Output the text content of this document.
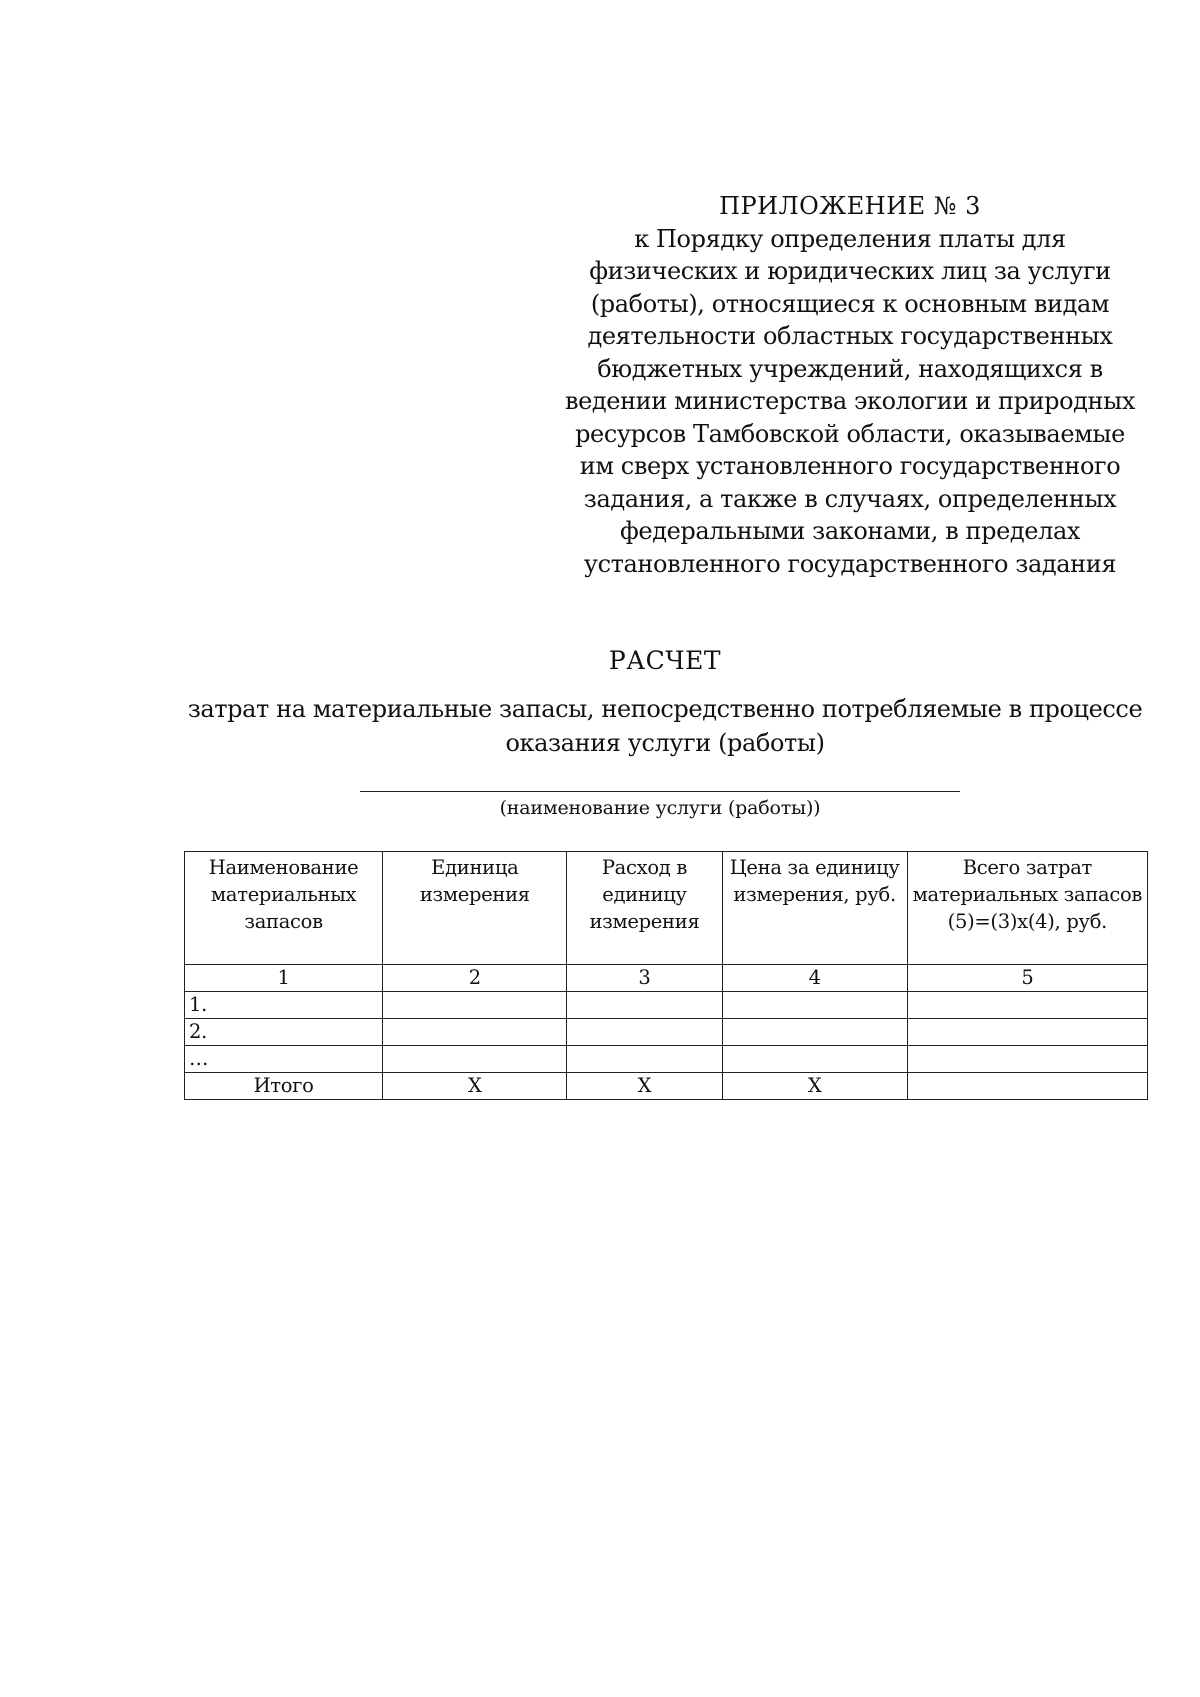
ПРИЛОЖЕНИЕ № 3
к Порядку определения платы для
физических и юридических лиц за услуги
(работы), относящиеся к основным видам
деятельности областных государственных
бюджетных учреждений, находящихся в
ведении министерства экологии и природных
ресурсов Тамбовской области, оказываемые
им сверх установленного государственного
задания, а также в случаях, определенных
федеральными законами, в пределах
установленного государственного задания
РАСЧЕТ
затрат на материальные запасы, непосредственно потребляемые в процессе
оказания услуги (работы)
(наименование услуги (работы))
Наименование материальных запасов	Единица измерения	Расход в единицу измерения	Цена за единицу измерения, руб.	Всего затрат материальных запасов (5)=(3)х(4), руб.
1	2	3	4	5
1.				
2.				
…				
Итого	Х	Х	Х	
